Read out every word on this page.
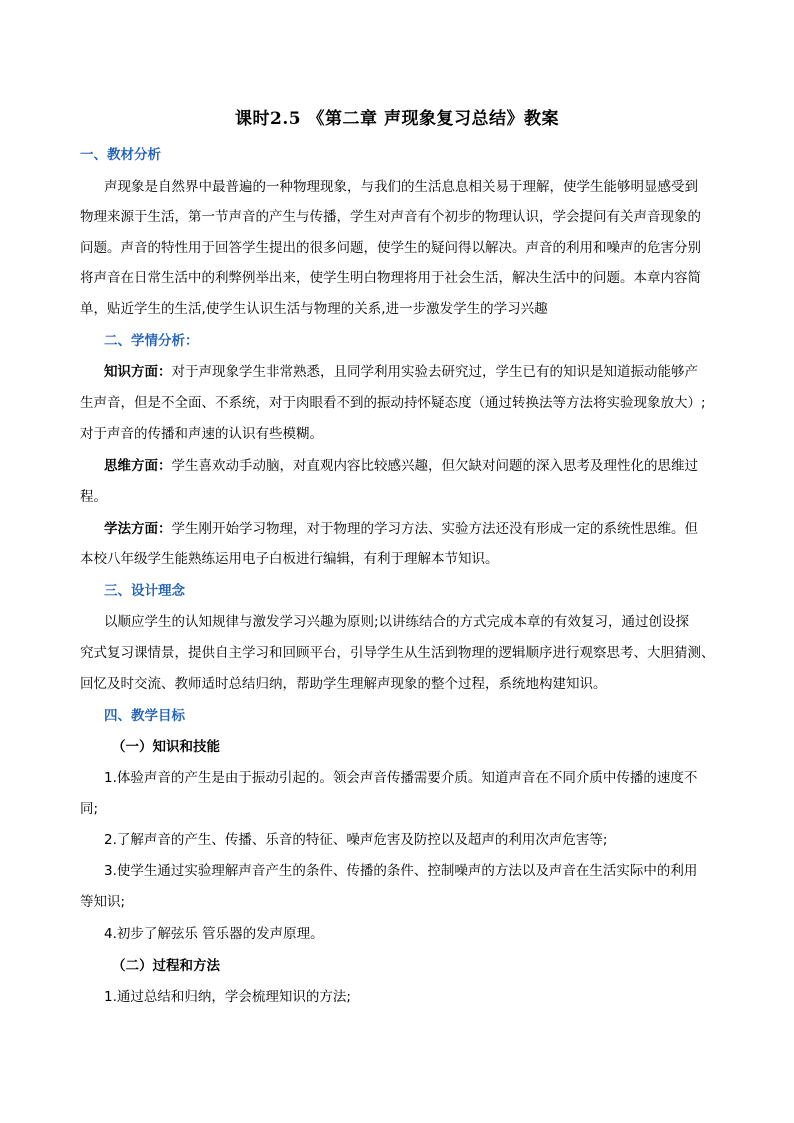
课时2.5 《第二章 声现象复习总结》教案
一、教材分析
声现象是自然界中最普遍的一种物理现象，与我们的生活息息相关易于理解，使学生能够明显感受到
物理来源于生活，第一节声音的产生与传播，学生对声音有个初步的物理认识，学会提问有关声音现象的
问题。声音的特性用于回答学生提出的很多问题，使学生的疑问得以解决。声音的利用和噪声的危害分别
将声音在日常生活中的利弊例举出来，使学生明白物理将用于社会生活，解决生活中的问题。本章内容简
单，贴近学生的生活,使学生认识生活与物理的关系,进一步激发学生的学习兴趣
二、学情分析：
知识方面：对于声现象学生非常熟悉，且同学利用实验去研究过，学生已有的知识是知道振动能够产
生声音，但是不全面、不系统，对于肉眼看不到的振动持怀疑态度（通过转换法等方法将实验现象放大）;
对于声音的传播和声速的认识有些模糊。
思维方面：学生喜欢动手动脑，对直观内容比较感兴趣，但欠缺对问题的深入思考及理性化的思维过
程。
学法方面：学生刚开始学习物理，对于物理的学习方法、实验方法还没有形成一定的系统性思维。但
本校八年级学生能熟练运用电子白板进行编辑，有利于理解本节知识。
三、设计理念
以顺应学生的认知规律与激发学习兴趣为原则;以讲练结合的方式完成本章的有效复习，通过创设探
究式复习课情景，提供自主学习和回顾平台，引导学生从生活到物理的逻辑顺序进行观察思考、大胆猜测、
回忆及时交流、教师适时总结归纳，帮助学生理解声现象的整个过程，系统地构建知识。
四、教学目标
（一）知识和技能
1.体验声音的产生是由于振动引起的。领会声音传播需要介质。知道声音在不同介质中传播的速度不
同;
2.了解声音的产生、传播、乐音的特征、噪声危害及防控以及超声的利用次声危害等;
3.使学生通过实验理解声音产生的条件、传播的条件、控制噪声的方法以及声音在生活实际中的利用
等知识;
4.初步了解弦乐 管乐器的发声原理。
（二）过程和方法
1.通过总结和归纳，学会梳理知识的方法;
